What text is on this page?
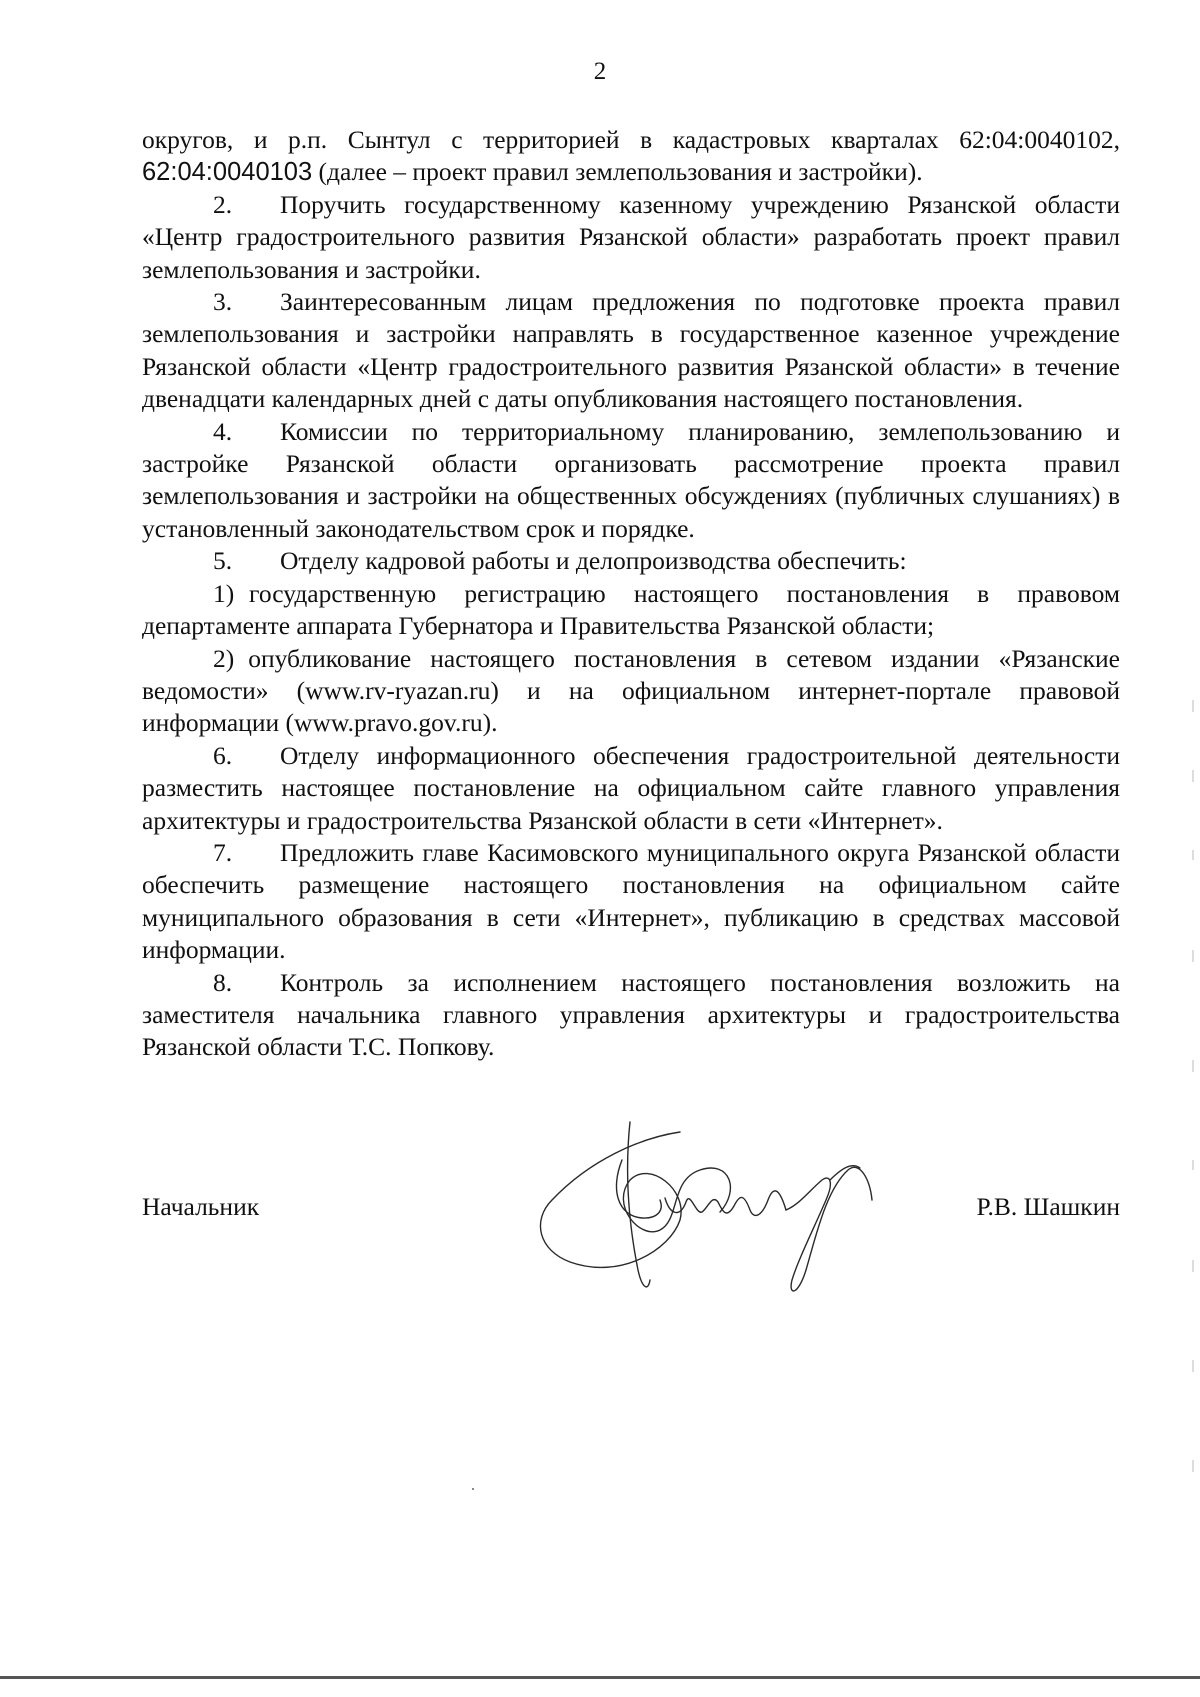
2

округов, и р.п. Сынтул с территорией в кадастровых кварталах 62:04:0040102, 62:04:0040103 (далее – проект правил землепользования и застройки).

2. Поручить государственному казенному учреждению Рязанской области «Центр градостроительного развития Рязанской области» разработать проект правил землепользования и застройки.

3. Заинтересованным лицам предложения по подготовке проекта правил землепользования и застройки направлять в государственное казенное учреждение Рязанской области «Центр градостроительного развития Рязанской области» в течение двенадцати календарных дней с даты опубликования настоящего постановления.

4. Комиссии по территориальному планированию, землепользованию и застройке Рязанской области организовать рассмотрение проекта правил землепользования и застройки на общественных обсуждениях (публичных слушаниях) в установленный законодательством срок и порядке.

5. Отделу кадровой работы и делопроизводства обеспечить:

1) государственную регистрацию настоящего постановления в правовом департаменте аппарата Губернатора и Правительства Рязанской области;

2) опубликование настоящего постановления в сетевом издании «Рязанские ведомости» (www.rv-ryazan.ru) и на официальном интернет-портале правовой информации (www.pravo.gov.ru).

6. Отделу информационного обеспечения градостроительной деятельности разместить настоящее постановление на официальном сайте главного управления архитектуры и градостроительства Рязанской области в сети «Интернет».

7. Предложить главе Касимовского муниципального округа Рязанской области обеспечить размещение настоящего постановления на официальном сайте муниципального образования в сети «Интернет», публикацию в средствах массовой информации.

8. Контроль за исполнением настоящего постановления возложить на заместителя начальника главного управления архитектуры и градостроительства Рязанской области Т.С. Попкову.

Начальник	Р.В. Шашкин
